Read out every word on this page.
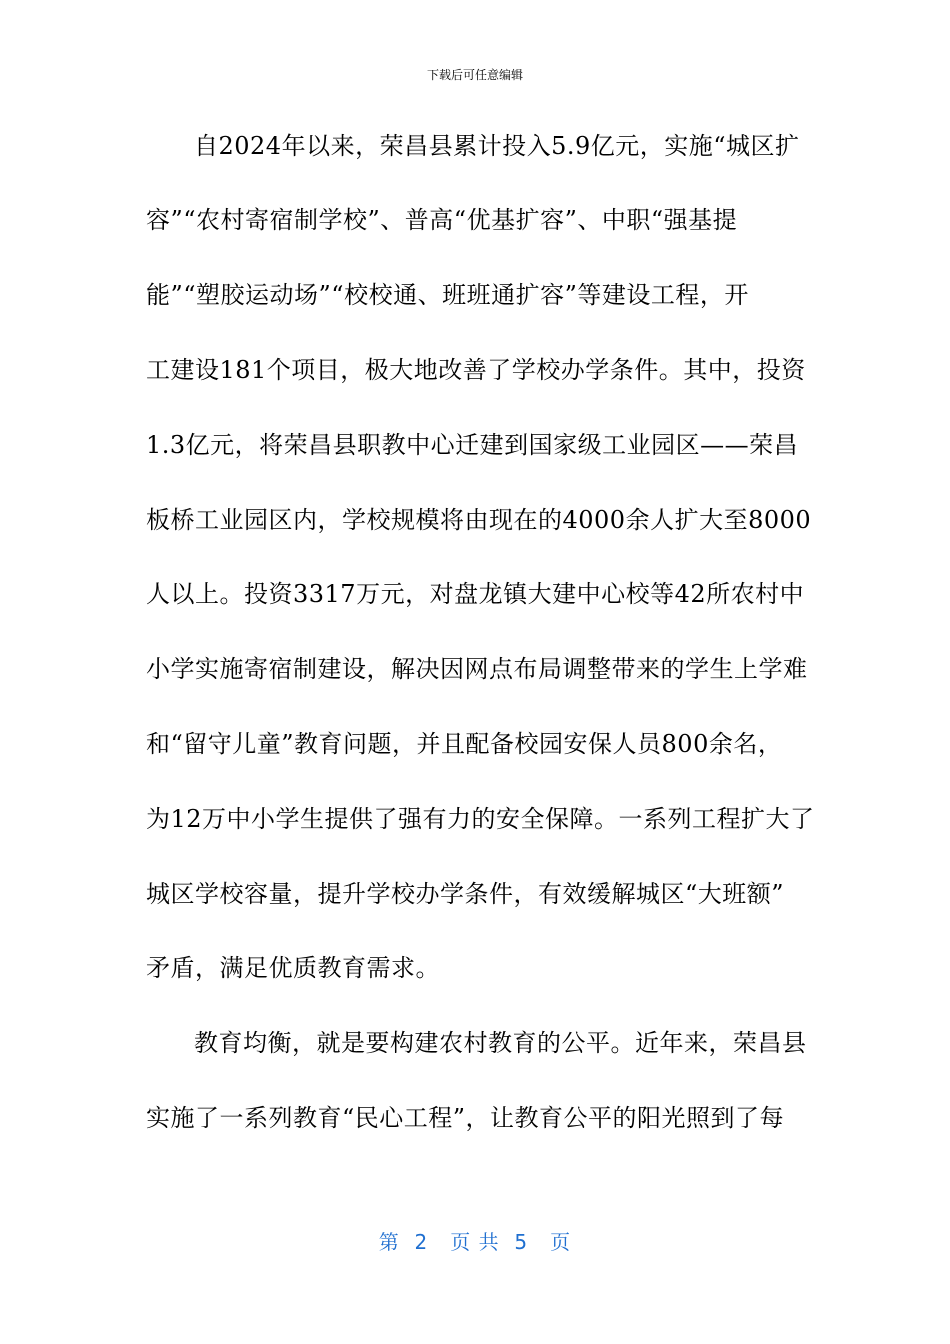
下载后可任意编辑
自2024年以来，荣昌县累计投入5.9亿元，实施“城区扩
容”“农村寄宿制学校”、普高“优基扩容”、中职“强基提
能”“塑胶运动场”“校校通、班班通扩容”等建设工程，开
工建设181个项目，极大地改善了学校办学条件。其中，投资
1.3亿元，将荣昌县职教中心迁建到国家级工业园区——荣昌
板桥工业园区内，学校规模将由现在的4000余人扩大至8000
人以上。投资3317万元，对盘龙镇大建中心校等42所农村中
小学实施寄宿制建设，解决因网点布局调整带来的学生上学难
和“留守儿童”教育问题，并且配备校园安保人员800余名，
为12万中小学生提供了强有力的安全保障。一系列工程扩大了
城区学校容量，提升学校办学条件，有效缓解城区“大班额”
矛盾，满足优质教育需求。
教育均衡，就是要构建农村教育的公平。近年来，荣昌县
实施了一系列教育“民心工程”，让教育公平的阳光照到了每
第  2   页 共  5   页
